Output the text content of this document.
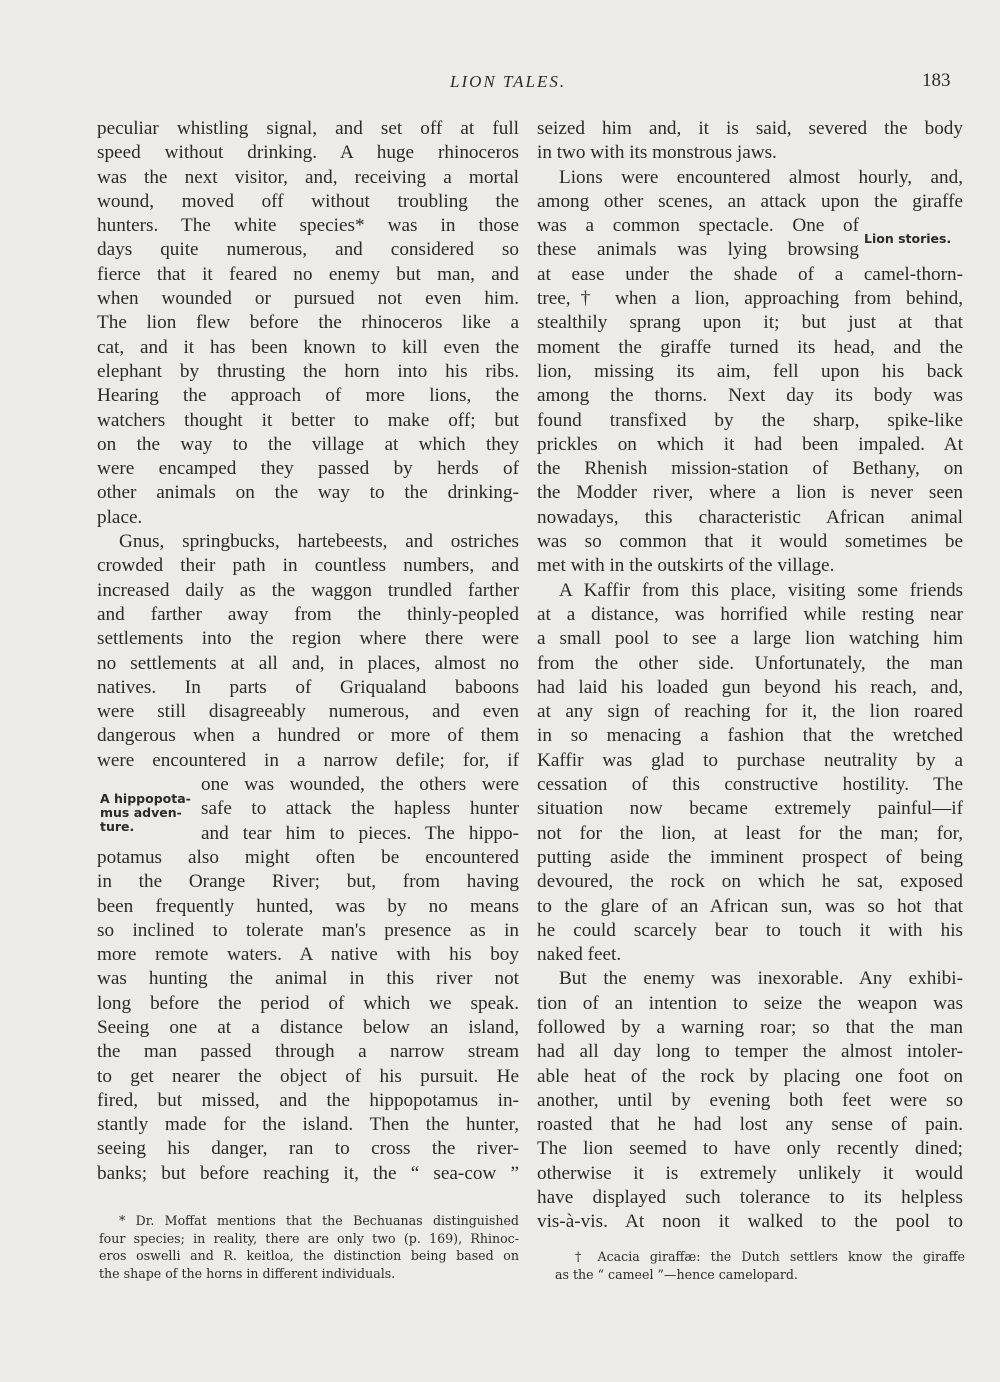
LION TALES.	183
peculiar whistling signal, and set off at full
speed without drinking. A huge rhinoceros
was the next visitor, and, receiving a mortal
wound, moved off without troubling the
hunters. The white species* was in those
days quite numerous, and considered so
fierce that it feared no enemy but man, and
when wounded or pursued not even him.
The lion flew before the rhinoceros like a
cat, and it has been known to kill even the
elephant by thrusting the horn into his ribs.
Hearing the approach of more lions, the
watchers thought it better to make off; but
on the way to the village at which they
were encamped they passed by herds of
other animals on the way to the drinking-
place.
Gnus, springbucks, hartebeests, and ostriches
crowded their path in countless numbers, and
increased daily as the waggon trundled farther
and farther away from the thinly-peopled
settlements into the region where there were
no settlements at all and, in places, almost no
natives. In parts of Griqualand baboons
were still disagreeably numerous, and even
dangerous when a hundred or more of them
were encountered in a narrow defile; for, if
one was wounded, the others were
safe to attack the hapless hunter
and tear him to pieces. The hippo-
potamus also might often be encountered
in the Orange River; but, from having
been frequently hunted, was by no means
so inclined to tolerate man's presence as in
more remote waters. A native with his boy
was hunting the animal in this river not
long before the period of which we speak.
Seeing one at a distance below an island,
the man passed through a narrow stream
to get nearer the object of his pursuit. He
fired, but missed, and the hippopotamus in-
stantly made for the island. Then the hunter,
seeing his danger, ran to cross the river-
banks; but before reaching it, the “ sea-cow ”
A hippopota-
mus adven-
ture.
seized him and, it is said, severed the body
in two with its monstrous jaws.
Lions were encountered almost hourly, and,
among other scenes, an attack upon the giraffe
was a common spectacle. One of
these animals was lying browsing
at ease under the shade of a camel-thorn-
tree,† when a lion, approaching from behind,
stealthily sprang upon it; but just at that
moment the giraffe turned its head, and the
lion, missing its aim, fell upon his back
among the thorns. Next day its body was
found transfixed by the sharp, spike-like
prickles on which it had been impaled. At
the Rhenish mission-station of Bethany, on
the Modder river, where a lion is never seen
nowadays, this characteristic African animal
was so common that it would sometimes be
met with in the outskirts of the village.
A Kaffir from this place, visiting some friends
at a distance, was horrified while resting near
a small pool to see a large lion watching him
from the other side. Unfortunately, the man
had laid his loaded gun beyond his reach, and,
at any sign of reaching for it, the lion roared
in so menacing a fashion that the wretched
Kaffir was glad to purchase neutrality by a
cessation of this constructive hostility. The
situation now became extremely painful—if
not for the lion, at least for the man; for,
putting aside the imminent prospect of being
devoured, the rock on which he sat, exposed
to the glare of an African sun, was so hot that
he could scarcely bear to touch it with his
naked feet.
But the enemy was inexorable. Any exhibi-
tion of an intention to seize the weapon was
followed by a warning roar; so that the man
had all day long to temper the almost intoler-
able heat of the rock by placing one foot on
another, until by evening both feet were so
roasted that he had lost any sense of pain.
The lion seemed to have only recently dined;
otherwise it is extremely unlikely it would
have displayed such tolerance to its helpless
vis-à-vis. At noon it walked to the pool to
Lion stories.
* Dr. Moffat mentions that the Bechuanas distinguished
four species; in reality, there are only two (p. 169), Rhinoc-
eros oswelli and R. keitloa, the distinction being based on
the shape of the horns in different individuals.
† Acacia giraffæ: the Dutch settlers know the giraffe
as the “ cameel ”—hence camelopard.
